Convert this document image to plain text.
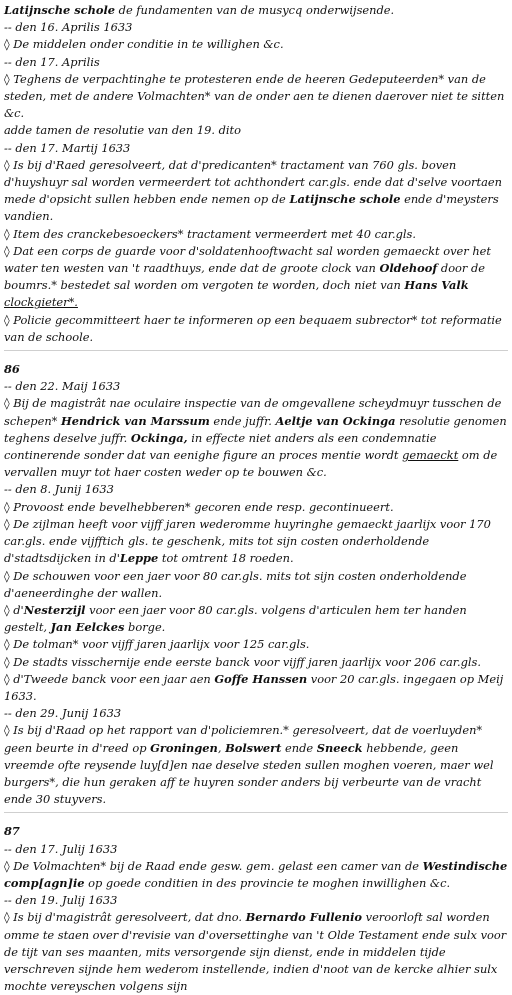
Latijnsche schole de fundamenten van de musycq onderwijsende.
-- den 16. Aprilis 1633
◊ De middelen onder conditie in te willighen &c.
-- den 17. Aprilis
◊ Teghens de verpachtinghe te protesteren ende de heeren Gedeputeerden* van de steden, met de andere Volmachten* van de onder aen te dienen daerover niet te sitten &c.
adde tamen de resolutie van den 19. dito
-- den 17. Martij 1633
◊ Is bij d'Raed geresolveert, dat d'predicanten* tractament van 760 gls. boven d'huyshuyr sal worden vermeerdert tot achthondert car.gls. ende dat d'selve voortaen mede d'opsicht sullen hebben ende nemen op de Latijnsche schole ende d'meysters vandien.
◊ Item des cranckebesoeckers* tractament vermeerdert met 40 car.gls.
◊ Dat een corps de guarde voor d'soldatenhooftwacht sal worden gemaeckt over het water ten westen van 't raadthuys, ende dat de groote clock van Oldehoof door de boumrs.* bestedet sal worden om vergoten te worden, doch niet van Hans Valk clockgieter*.
◊ Policie gecommitteert haer te informeren op een bequaem subrector* tot reformatie van de schoole.
86
-- den 22. Maij 1633
◊ Bij de magistrât nae oculaire inspectie van de omgevallene scheydmuyr tusschen de schepen* Hendrick van Marssum ende juffr. Aeltje van Ockinga resolutie genomen teghens deselve juffr. Ockinga, in effecte niet anders als een condemnatie continerende sonder dat van eenighe figure an proces mentie wordt gemaeckt om de vervallen muyr tot haer costen weder op te bouwen &c.
-- den 8. Junij 1633
◊ Provoost ende bevelhebberen* gecoren ende resp. gecontinueert.
◊ De zijlman heeft voor vijff jaren wederomme huyringhe gemaeckt jaarlijx voor 170 car.gls. ende vijfftich gls. te geschenk, mits tot sijn costen onderholdende d'stadtsdijcken in d'Leppe tot omtrent 18 roeden.
◊ De schouwen voor een jaer voor 80 car.gls. mits tot sijn costen onderholdende d'aeneerdinghe der wallen.
◊ d'Nesterzijl voor een jaer voor 80 car.gls. volgens d'articulen hem ter handen gestelt, Jan Eelckes borge.
◊ De tolman* voor vijff jaren jaarlijx voor 125 car.gls.
◊ De stadts visschernije ende eerste banck voor vijff jaren jaarlijx voor 206 car.gls.
◊ d'Tweede banck voor een jaar aen Goffe Hanssen voor 20 car.gls. ingegaen op Meij 1633.
-- den 29. Junij 1633
◊ Is bij d'Raad op het rapport van d'policiemren.* geresolveert, dat de voerluyden* geen beurte in d'reed op Groningen, Bolswert ende Sneeck hebbende, geen vreemde ofte reysende luy[d]en nae deselve steden sullen moghen voeren, maer wel burgers*, die hun geraken aff te huyren sonder anders bij verbeurte van de vracht ende 30 stuyvers.
87
-- den 17. Julij 1633
◊ De Volmachten* bij de Raad ende gesw. gem. gelast een camer van de Westindische comp[agn]ie op goede conditien in des provincie te moghen inwillighen &c.
-- den 19. Julij 1633
◊ Is bij d'magistrât geresolveert, dat dno. Bernardo Fullenio veroorloft sal worden omme te staen over d'revisie van d'oversettinghe van 't Olde Testament ende sulx voor de tijt van ses maanten, mits versorgende sijn dienst, ende in middelen tijde verschreven sijnde hem wederom instellende, indien d'noot van de kercke alhier sulx mochte vereyschen volgens sijn
